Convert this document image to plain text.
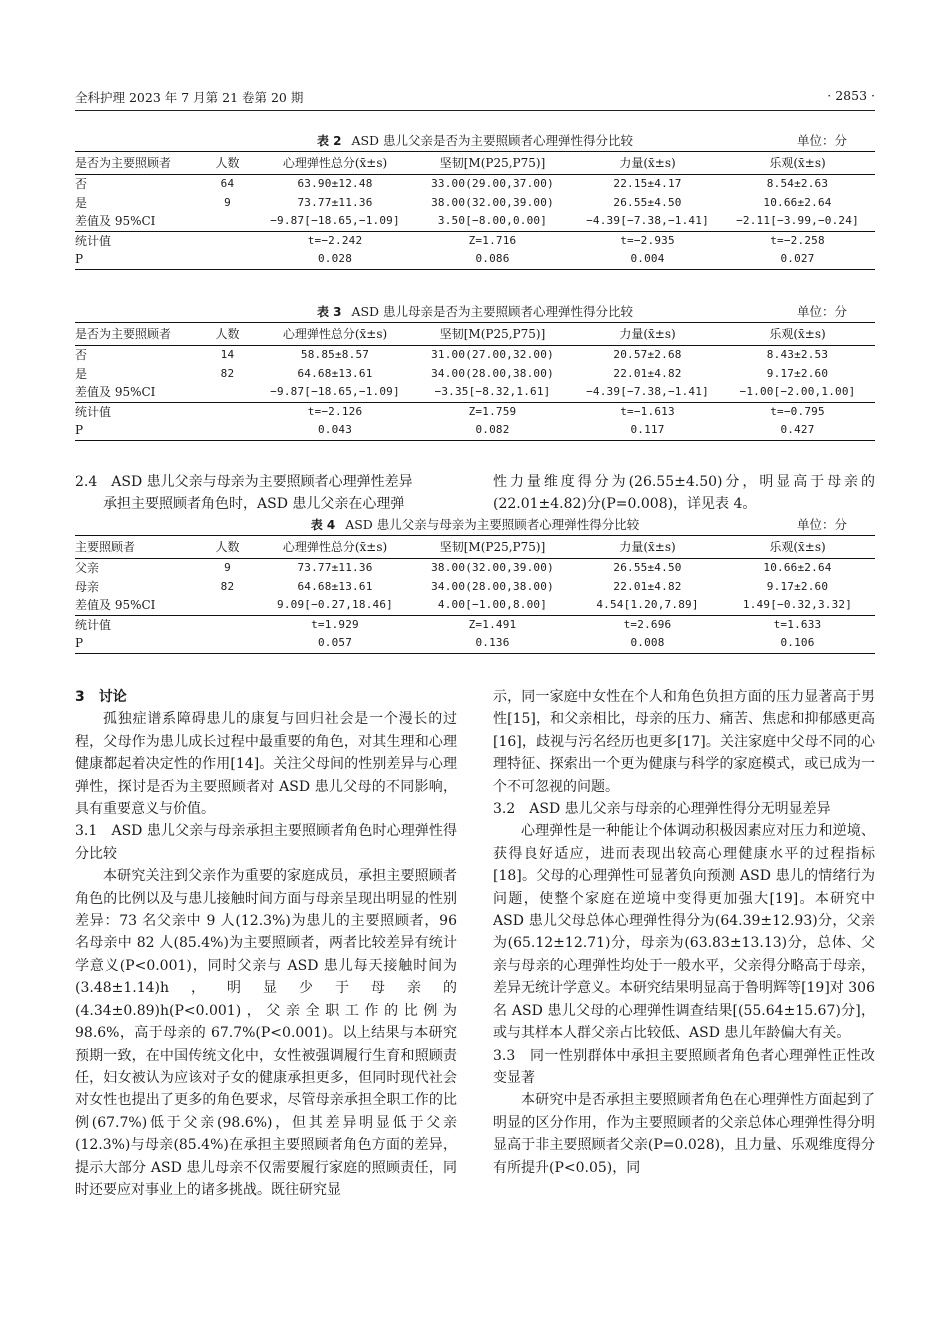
全科护理 2023 年 7 月第 21 卷第 20 期	· 2853 ·
表 2 ASD 患儿父亲是否为主要照顾者心理弹性得分比较	单位：分
是否为主要照顾者	人数	心理弹性总分(x̄±s)	坚韧[M(P25,P75)]	力量(x̄±s)	乐观(x̄±s)
否	64	63.90±12.48	33.00(29.00,37.00)	22.15±4.17	8.54±2.63
是	9	73.77±11.36	38.00(32.00,39.00)	26.55±4.50	10.66±2.64
差值及 95%CI		−9.87[−18.65,−1.09]	3.50[−8.00,0.00]	−4.39[−7.38,−1.41]	−2.11[−3.99,−0.24]
统计值		t=−2.242	Z=1.716	t=−2.935	t=−2.258
P		0.028	0.086	0.004	0.027
表 3 ASD 患儿母亲是否为主要照顾者心理弹性得分比较	单位：分
是否为主要照顾者	人数	心理弹性总分(x̄±s)	坚韧[M(P25,P75)]	力量(x̄±s)	乐观(x̄±s)
否	14	58.85±8.57	31.00(27.00,32.00)	20.57±2.68	8.43±2.53
是	82	64.68±13.61	34.00(28.00,38.00)	22.01±4.82	9.17±2.60
差值及 95%CI		−9.87[−18.65,−1.09]	−3.35[−8.32,1.61]	−4.39[−7.38,−1.41]	−1.00[−2.00,1.00]
统计值		t=−2.126	Z=1.759	t=−1.613	t=−0.795
P		0.043	0.082	0.117	0.427

2.4　ASD 患儿父亲与母亲为主要照顾者心理弹性差异

承担主要照顾者角色时，ASD 患儿父亲在心理弹

性力量维度得分为(26.55±4.50)分，明显高于母亲的(22.01±4.82)分(P=0.008)，详见表 4。

表 4 ASD 患儿父亲与母亲为主要照顾者心理弹性得分比较	单位：分
主要照顾者	人数	心理弹性总分(x̄±s)	坚韧[M(P25,P75)]	力量(x̄±s)	乐观(x̄±s)
父亲	9	73.77±11.36	38.00(32.00,39.00)	26.55±4.50	10.66±2.64
母亲	82	64.68±13.61	34.00(28.00,38.00)	22.01±4.82	9.17±2.60
差值及 95%CI		9.09[−0.27,18.46]	4.00[−1.00,8.00]	4.54[1.20,7.89]	1.49[−0.32,3.32]
统计值		t=1.929	Z=1.491	t=2.696	t=1.633
P		0.057	0.136	0.008	0.106

3　讨论

孤独症谱系障碍患儿的康复与回归社会是一个漫长的过程，父母作为患儿成长过程中最重要的角色，对其生理和心理健康都起着决定性的作用[14]。关注父母间的性别差异与心理弹性，探讨是否为主要照顾者对 ASD 患儿父母的不同影响，具有重要意义与价值。

3.1　ASD 患儿父亲与母亲承担主要照顾者角色时心理弹性得分比较

本研究关注到父亲作为重要的家庭成员，承担主要照顾者角色的比例以及与患儿接触时间方面与母亲呈现出明显的性别差异：73 名父亲中 9 人(12.3%)为患儿的主要照顾者，96 名母亲中 82 人(85.4%)为主要照顾者，两者比较差异有统计学意义(P<0.001)，同时父亲与 ASD 患儿每天接触时间为(3.48±1.14)h，明显少于母亲的(4.34±0.89)h(P<0.001)，父亲全职工作的比例为 98.6%，高于母亲的 67.7%(P<0.001)。以上结果与本研究预期一致，在中国传统文化中，女性被强调履行生育和照顾责任，妇女被认为应该对子女的健康承担更多，但同时现代社会对女性也提出了更多的角色要求，尽管母亲承担全职工作的比例(67.7%)低于父亲(98.6%)，但其差异明显低于父亲(12.3%)与母亲(85.4%)在承担主要照顾者角色方面的差异，提示大部分 ASD 患儿母亲不仅需要履行家庭的照顾责任，同时还要应对事业上的诸多挑战。既往研究显

示，同一家庭中女性在个人和角色负担方面的压力显著高于男性[15]，和父亲相比，母亲的压力、痛苦、焦虑和抑郁感更高[16]，歧视与污名经历也更多[17]。关注家庭中父母不同的心理特征、探索出一个更为健康与科学的家庭模式，或已成为一个不可忽视的问题。

3.2　ASD 患儿父亲与母亲的心理弹性得分无明显差异

心理弹性是一种能让个体调动积极因素应对压力和逆境、获得良好适应，进而表现出较高心理健康水平的过程指标[18]。父母的心理弹性可显著负向预测 ASD 患儿的情绪行为问题，使整个家庭在逆境中变得更加强大[19]。本研究中 ASD 患儿父母总体心理弹性得分为(64.39±12.93)分，父亲为(65.12±12.71)分，母亲为(63.83±13.13)分，总体、父亲与母亲的心理弹性均处于一般水平，父亲得分略高于母亲，差异无统计学意义。本研究结果明显高于鲁明辉等[19]对 306 名 ASD 患儿父母的心理弹性调查结果[(55.64±15.67)分]，或与其样本人群父亲占比较低、ASD 患儿年龄偏大有关。

3.3　同一性别群体中承担主要照顾者角色者心理弹性正性改变显著

本研究中是否承担主要照顾者角色在心理弹性方面起到了明显的区分作用，作为主要照顾者的父亲总体心理弹性得分明显高于非主要照顾者父亲(P=0.028)，且力量、乐观维度得分有所提升(P<0.05)，同
